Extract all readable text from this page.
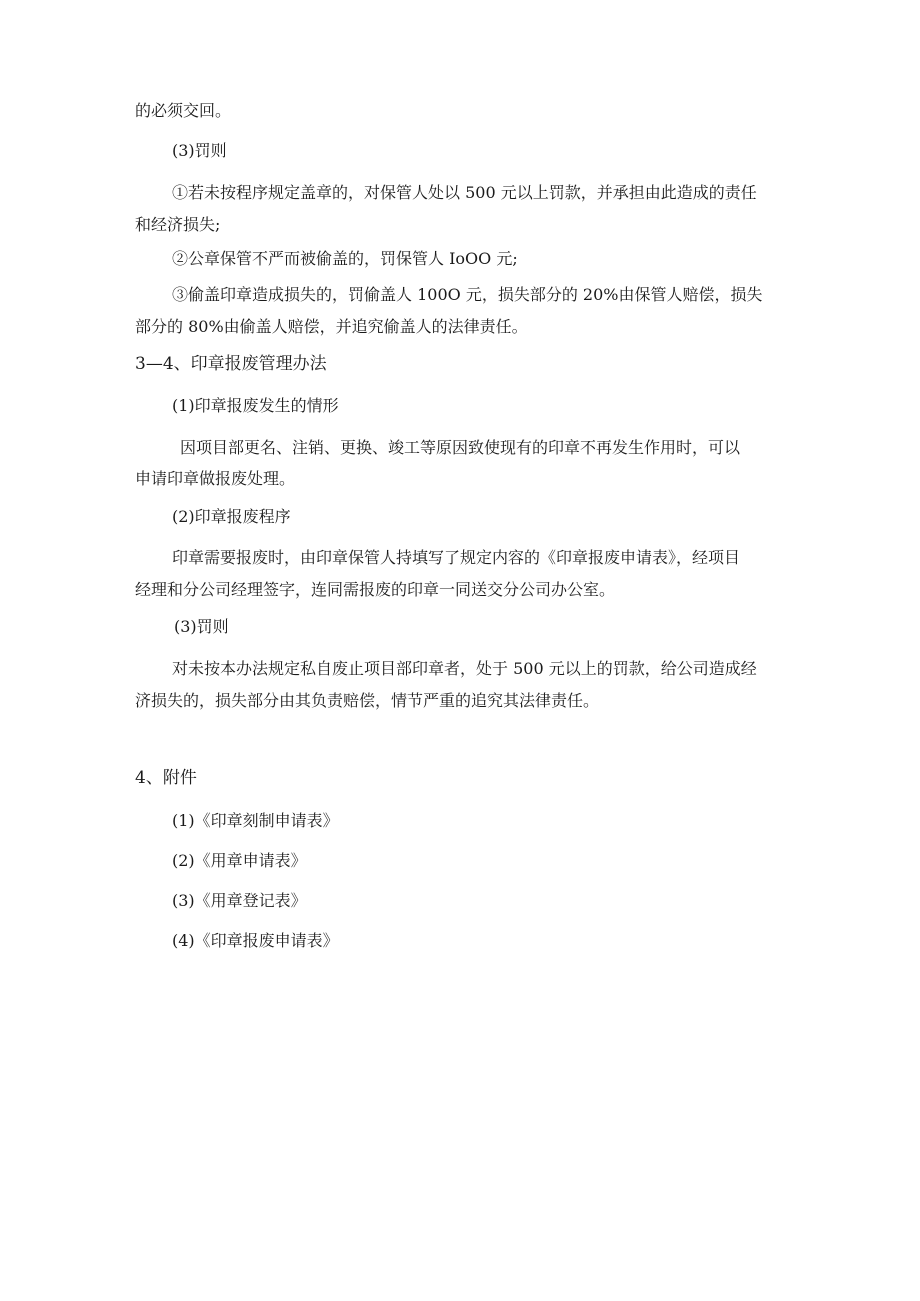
的必须交回。
(3)罚则
①若未按程序规定盖章的，对保管人处以 500 元以上罚款，并承担由此造成的责任
和经济损失;
②公章保管不严而被偷盖的，罚保管人 IoOO 元;
③偷盖印章造成损失的，罚偷盖人 100O 元，损失部分的 20%由保管人赔偿，损失
部分的 80%由偷盖人赔偿，并追究偷盖人的法律责任。
3—4、印章报废管理办法
(1)印章报废发生的情形
因项目部更名、注销、更换、竣工等原因致使现有的印章不再发生作用时，可以
申请印章做报废处理。
(2)印章报废程序
印章需要报废时，由印章保管人持填写了规定内容的《印章报废申请表》，经项目
经理和分公司经理签字，连同需报废的印章一同送交分公司办公室。
(3)罚则
对未按本办法规定私自废止项目部印章者，处于 500 元以上的罚款，给公司造成经
济损失的，损失部分由其负责赔偿，情节严重的追究其法律责任。
4、附件
(1)《印章刻制申请表》
(2)《用章申请表》
(3)《用章登记表》
(4)《印章报废申请表》
